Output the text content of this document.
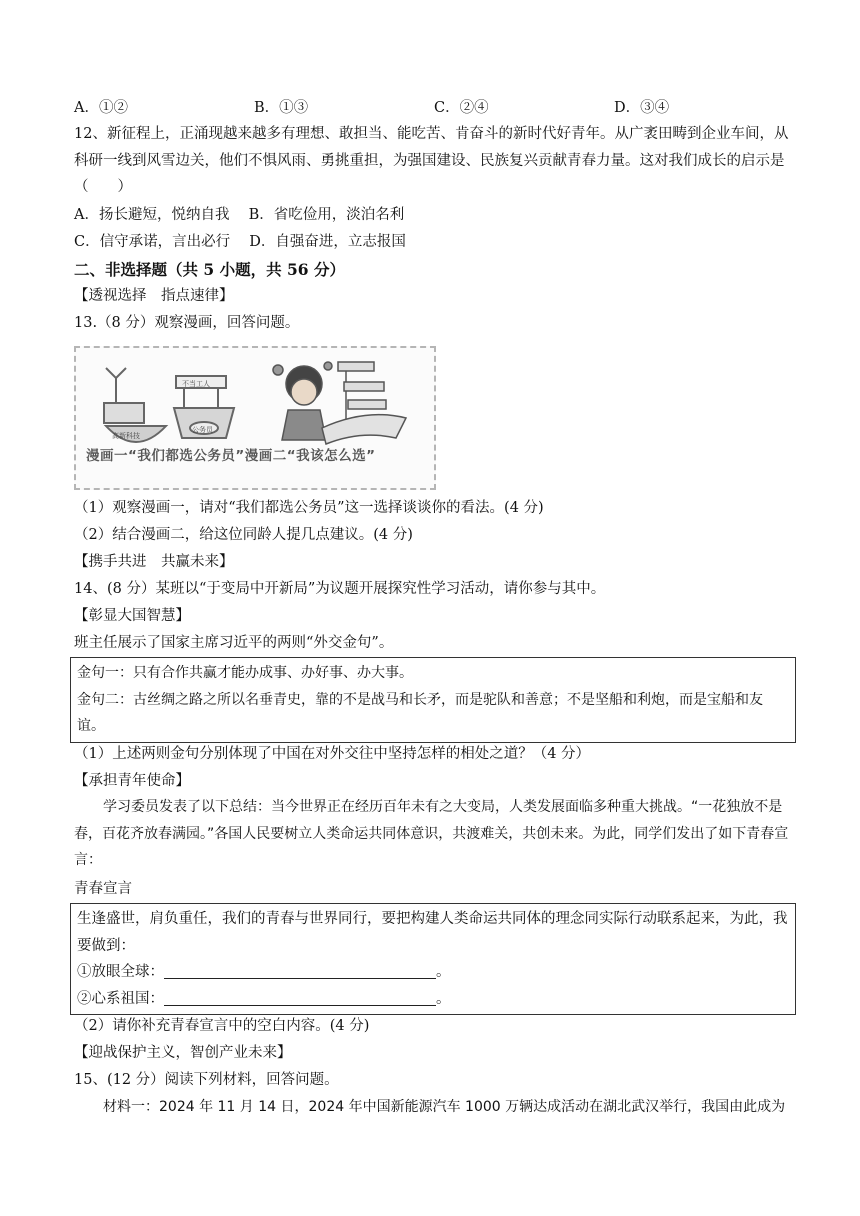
A．①②	B．①③	C．②④	D．③④
12、新征程上，正涌现越来越多有理想、敢担当、能吃苦、肯奋斗的新时代好青年。从广袤田畴到企业车间，从科研一线到风雪边关，他们不惧风雨、勇挑重担，为强国建设、民族复兴贡献青春力量。这对我们成长的启示是（　　）
A．扬长避短，悦纳自我　 B．省吃俭用，淡泊名利
C．信守承诺，言出必行　 D．自强奋进，立志报国
二、非选择题（共 5 小题，共 56 分）
【透视选择　指点速律】
13.（8 分）观察漫画，回答问题。
不当工人
高新科技
公务员
漫画一“我们都选公务员”漫画二“我该怎么选”
（1）观察漫画一，请对“我们都选公务员”这一选择谈谈你的看法。(4 分)
（2）结合漫画二，给这位同龄人提几点建议。(4 分)
【携手共进　共赢未来】
14、(8 分）某班以“于变局中开新局”为议题开展探究性学习活动，请你参与其中。
【彰显大国智慧】
班主任展示了国家主席习近平的两则“外交金句”。
金句一：只有合作共赢才能办成事、办好事、办大事。
金句二：古丝绸之路之所以名垂青史，靠的不是战马和长矛，而是驼队和善意；不是坚船和利炮，而是宝船和友谊。
（1）上述两则金句分别体现了中国在对外交往中坚持怎样的相处之道？（4 分）
【承担青年使命】
学习委员发表了以下总结：当今世界正在经历百年未有之大变局，人类发展面临多种重大挑战。“一花独放不是春，百花齐放春满园。”各国人民要树立人类命运共同体意识，共渡难关，共创未来。为此，同学们发出了如下青春宣言：
青春宣言
生逢盛世，肩负重任，我们的青春与世界同行，要把构建人类命运共同体的理念同实际行动联系起来，为此，我要做到：
①放眼全球：	。
②心系祖国：	。
（2）请你补充青春宣言中的空白内容。(4 分)
【迎战保护主义，智创产业未来】
15、(12 分）阅读下列材料，回答问题。
材料一：2024 年 11 月 14 日，2024 年中国新能源汽车 1000 万辆达成活动在湖北武汉举行，我国由此成为
